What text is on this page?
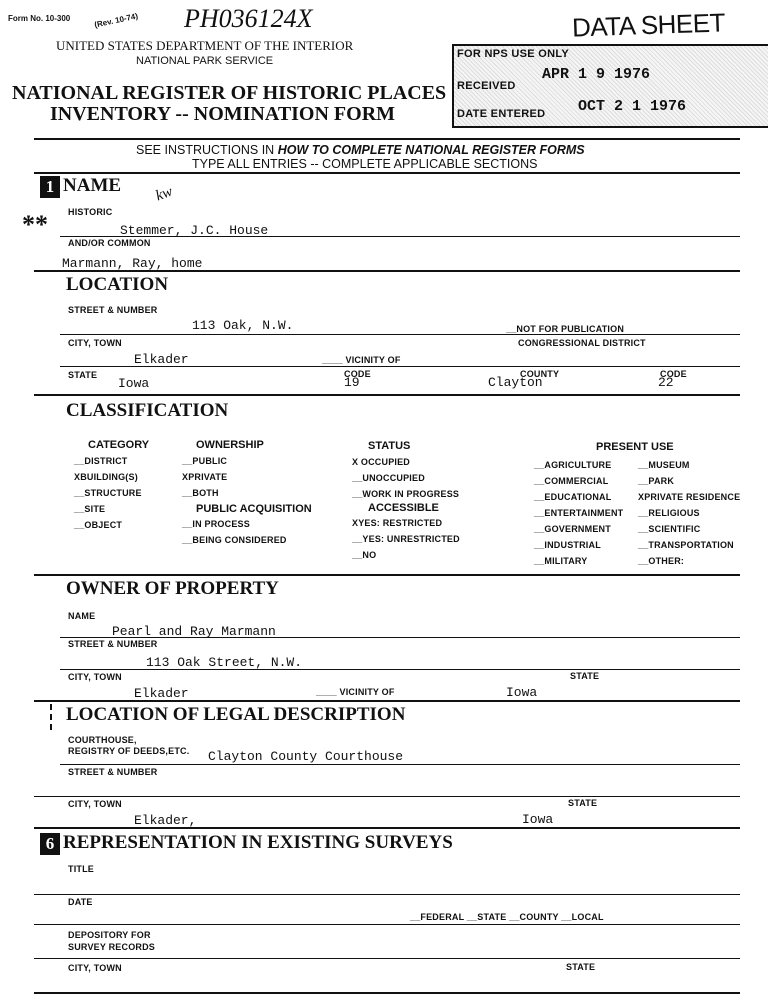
Form No. 10-300	(Rev. 10-74) PH036124X
UNITED STATES DEPARTMENT OF THE INTERIOR
NATIONAL PARK SERVICE
NATIONAL REGISTER OF HISTORIC PLACES
INVENTORY -- NOMINATION FORM
DATA SHEET
FOR NPS USE ONLY
RECEIVED
APR 1 9 1976
DATE ENTERED OCT 2 1 1976
SEE INSTRUCTIONS IN HOW TO COMPLETE NATIONAL REGISTER FORMS
TYPE ALL ENTRIES -- COMPLETE APPLICABLE SECTIONS
1 NAME kw
** HISTORIC
Stemmer, J.C. House
AND/OR COMMON
Marmann, Ray, home
LOCATION
STREET & NUMBER
113 Oak, N.W.	__NOT FOR PUBLICATION
CITY, TOWN	CONGRESSIONAL DISTRICT
Elkader	____ VICINITY OF
STATE
Iowa
CODE
19
COUNTY
Clayton
CODE
22
CLASSIFICATION
CATEGORY
__DISTRICT
XBUILDING(S)
__STRUCTURE
__SITE
__OBJECT
OWNERSHIP
__PUBLIC
XPRIVATE
__BOTH
PUBLIC ACQUISITION
__IN PROCESS
__BEING CONSIDERED
STATUS
X OCCUPIED
__UNOCCUPIED
__WORK IN PROGRESS
ACCESSIBLE
XYES: RESTRICTED
__YES: UNRESTRICTED
__NO
PRESENT USE
__AGRICULTURE
__COMMERCIAL
__EDUCATIONAL
__ENTERTAINMENT
__GOVERNMENT
__INDUSTRIAL
__MILITARY
__MUSEUM
__PARK
XPRIVATE RESIDENCE
__RELIGIOUS
__SCIENTIFIC
__TRANSPORTATION
__OTHER:
OWNER OF PROPERTY
NAME
Pearl and Ray Marmann
STREET & NUMBER
113 Oak Street, N.W.
CITY, TOWN	STATE
Elkader	____ VICINITY OF	Iowa
LOCATION OF LEGAL DESCRIPTION
COURTHOUSE,
REGISTRY OF DEEDS,ETC. Clayton County Courthouse
STREET & NUMBER
CITY, TOWN	STATE
Elkader,	Iowa
6 REPRESENTATION IN EXISTING SURVEYS
TITLE
DATE
__FEDERAL __STATE __COUNTY __LOCAL
DEPOSITORY FOR
SURVEY RECORDS
CITY, TOWN	STATE
